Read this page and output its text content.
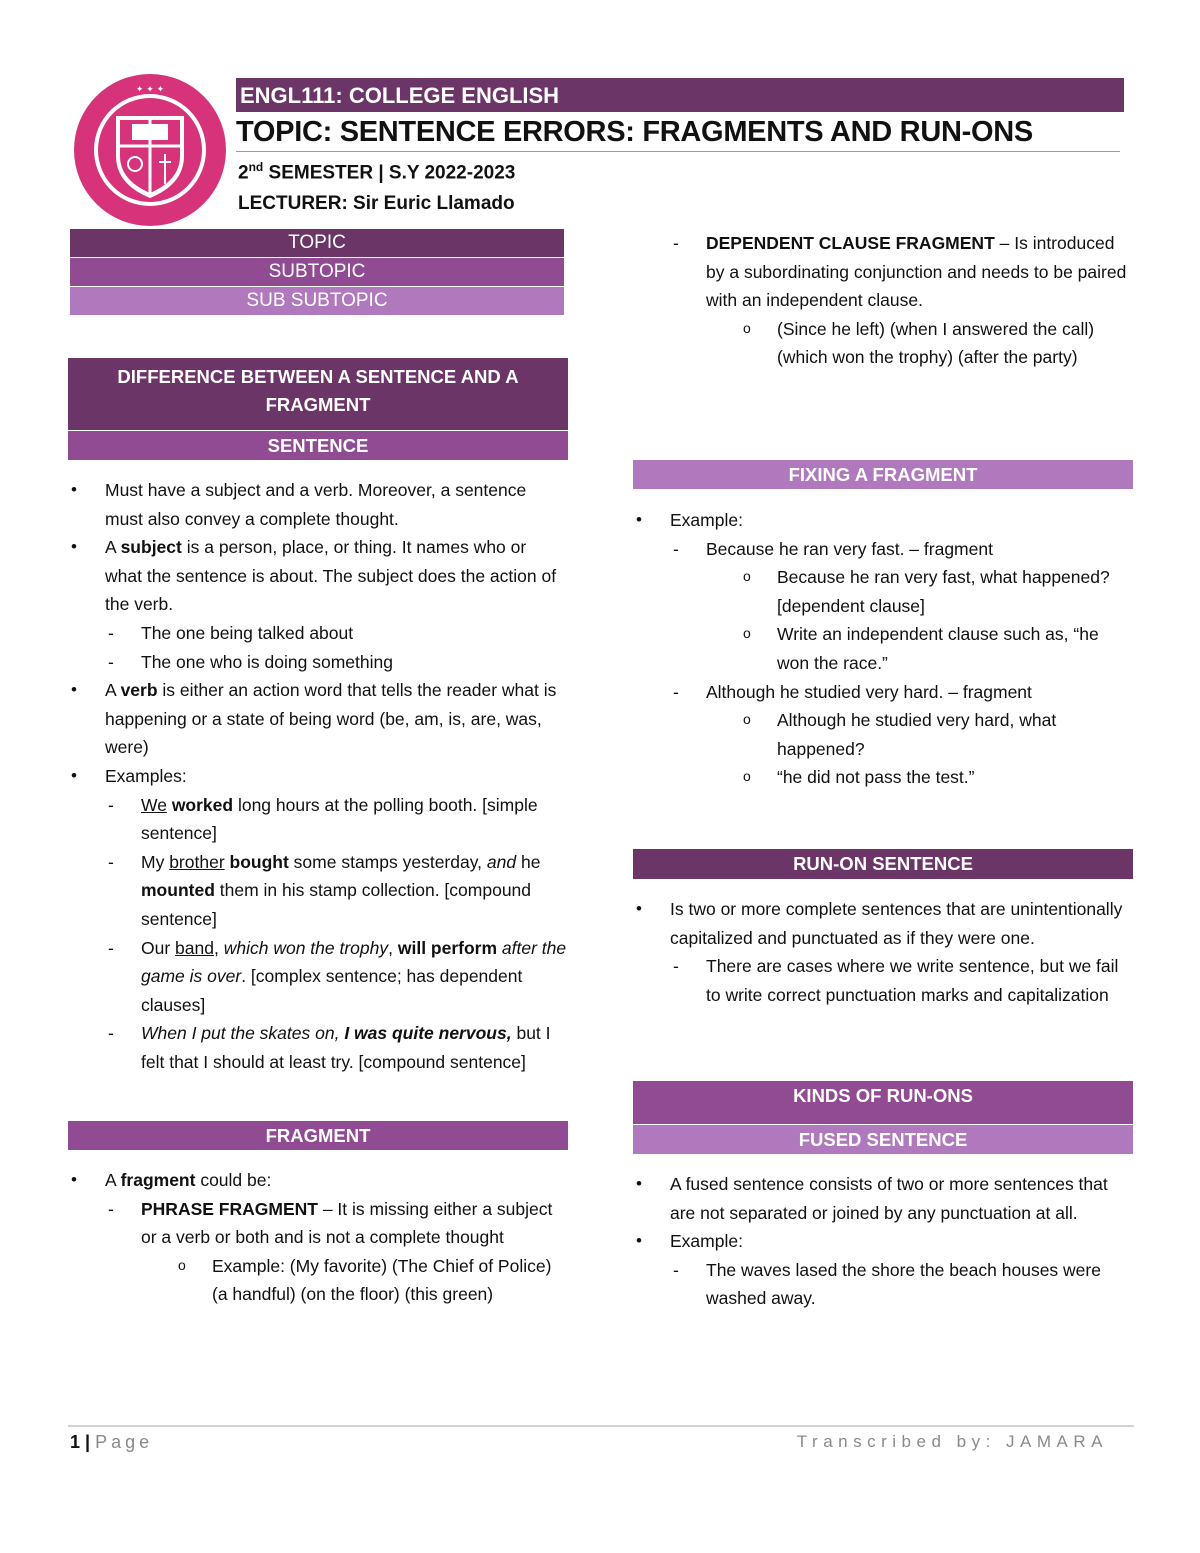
✦ ✦ ✦	ENGL111: COLLEGE ENGLISH
TOPIC: SENTENCE ERRORS: FRAGMENTS AND RUN-ONS
2nd SEMESTER | S.Y 2022-2023
LECTURER: Sir Euric Llamado
TOPIC
SUBTOPIC
SUB SUBTOPIC
DIFFERENCE BETWEEN A SENTENCE AND A
FRAGMENT
SENTENCE
• Must have a subject and a verb. Moreover, a sentence must also convey a complete thought.
• A subject is a person, place, or thing. It names who or what the sentence is about. The subject does the action of the verb.
- The one being talked about
- The one who is doing something
• A verb is either an action word that tells the reader what is happening or a state of being word (be, am, is, are, was, were)
• Examples:
- We worked long hours at the polling booth. [simple sentence]
- My brother bought some stamps yesterday, and he mounted them in his stamp collection. [compound sentence]
- Our band, which won the trophy, will perform after the game is over. [complex sentence; has dependent clauses]
- When I put the skates on, I was quite nervous, but I felt that I should at least try. [compound sentence]
FRAGMENT
• A fragment could be:
- PHRASE FRAGMENT – It is missing either a subject or a verb or both and is not a complete thought
o Example: (My favorite) (The Chief of Police) (a handful) (on the floor) (this green)
- DEPENDENT CLAUSE FRAGMENT – Is introduced by a subordinating conjunction and needs to be paired with an independent clause.
o (Since he left) (when I answered the call) (which won the trophy) (after the party)
FIXING A FRAGMENT
• Example:
- Because he ran very fast. – fragment
o Because he ran very fast, what happened? [dependent clause]
o Write an independent clause such as, “he won the race.”
- Although he studied very hard. – fragment
o Although he studied very hard, what happened?
o “he did not pass the test.”
RUN-ON SENTENCE
• Is two or more complete sentences that are unintentionally capitalized and punctuated as if they were one.
- There are cases where we write sentence, but we fail to write correct punctuation marks and capitalization
KINDS OF RUN-ONS
FUSED SENTENCE
• A fused sentence consists of two or more sentences that are not separated or joined by any punctuation at all.
• Example:
- The waves lased the shore the beach houses were washed away.
1 | Page	Transcribed by: JAMARA
